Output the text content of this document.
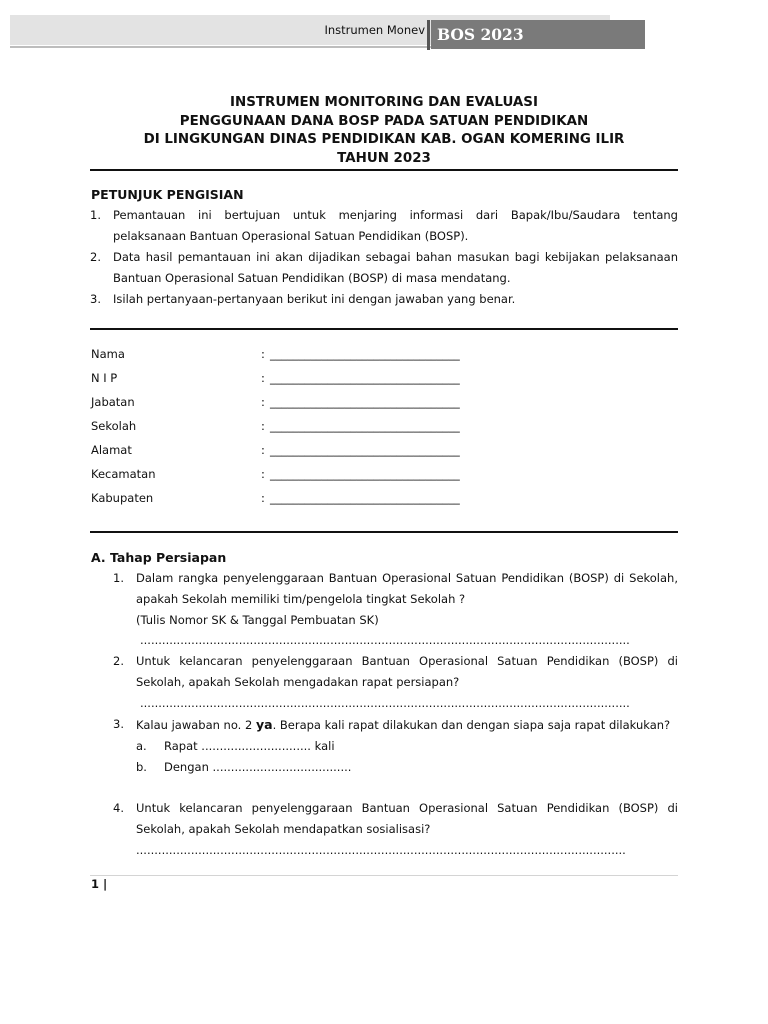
Instrumen Monev BOS 2023
INSTRUMEN MONITORING DAN EVALUASI
PENGGUNAAN DANA BOSP PADA SATUAN PENDIDIKAN
DI LINGKUNGAN DINAS PENDIDIKAN KAB. OGAN KOMERING ILIR
TAHUN 2023
PETUNJUK PENGISIAN
1. Pemantauan ini bertujuan untuk menjaring informasi dari Bapak/Ibu/Saudara tentang pelaksanaan Bantuan Operasional Satuan Pendidikan (BOSP).
2. Data hasil pemantauan ini akan dijadikan sebagai bahan masukan bagi kebijakan pelaksanaan Bantuan Operasional Satuan Pendidikan (BOSP) di masa mendatang.
3. Isilah pertanyaan-pertanyaan berikut ini dengan jawaban yang benar.
Nama	: _________________________________
N I P	: _________________________________
Jabatan	: _________________________________
Sekolah	: _________________________________
Alamat	: _________________________________
Kecamatan	: _________________________________
Kabupaten	: _________________________________
A. Tahap Persiapan
1. Dalam rangka penyelenggaraan Bantuan Operasional Satuan Pendidikan (BOSP) di Sekolah, apakah Sekolah memiliki tim/pengelola tingkat Sekolah ?
(Tulis Nomor SK & Tanggal Pembuatan SK)
......................................................................................................................................
2. Untuk kelancaran penyelenggaraan Bantuan Operasional Satuan Pendidikan (BOSP) di Sekolah, apakah Sekolah mengadakan rapat persiapan?
......................................................................................................................................
3. Kalau jawaban no. 2 ya. Berapa kali rapat dilakukan dan dengan siapa saja rapat dilakukan?
a. Rapat .............................. kali
b. Dengan ......................................
4. Untuk kelancaran penyelenggaraan Bantuan Operasional Satuan Pendidikan (BOSP) di Sekolah, apakah Sekolah mendapatkan sosialisasi?
......................................................................................................................................
1 |
